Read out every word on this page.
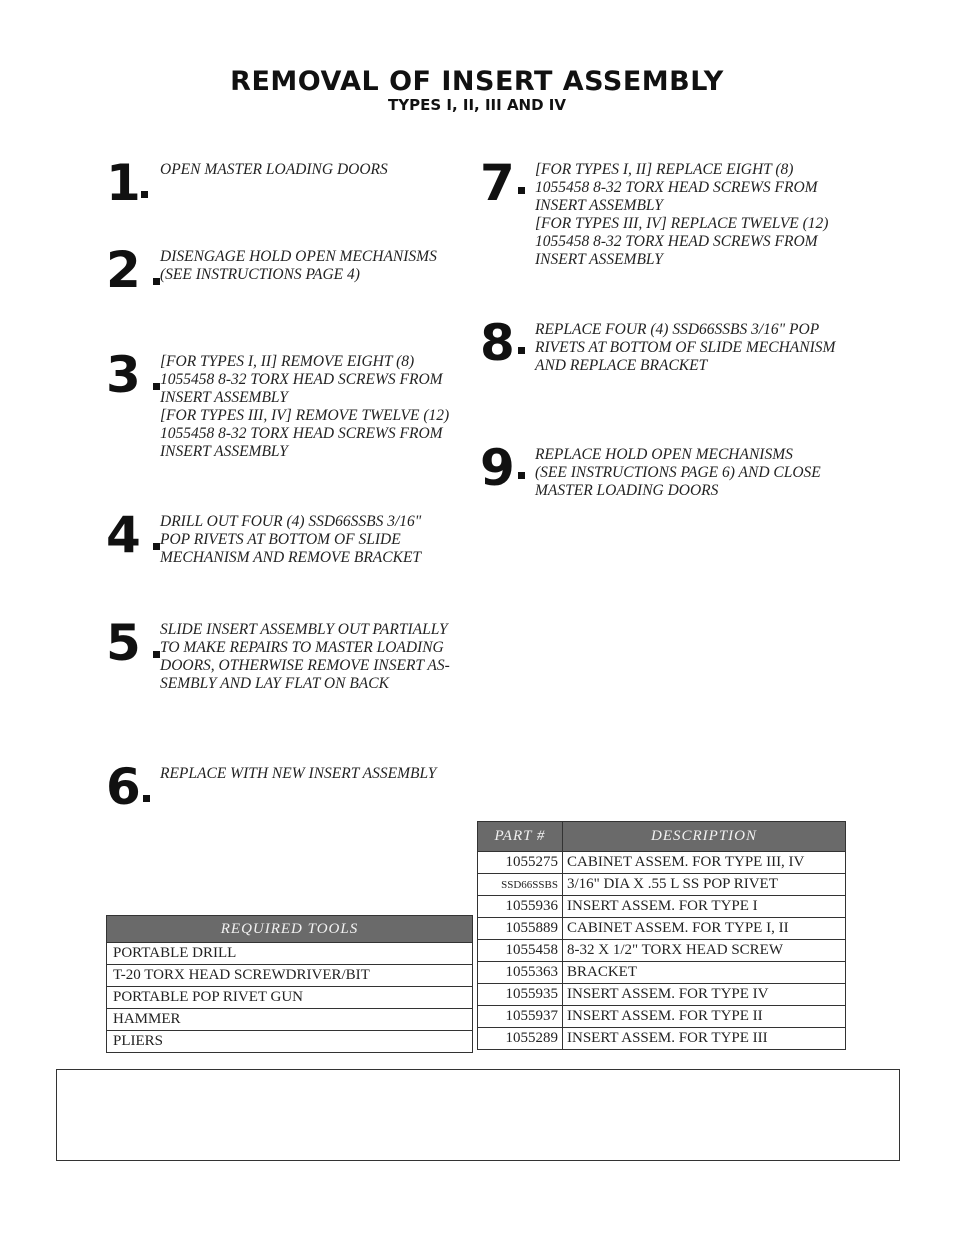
REMOVAL OF INSERT ASSEMBLY
TYPES I, II, III AND IV
1 OPEN MASTER LOADING DOORS
2 DISENGAGE HOLD OPEN MECHANISMS
(SEE INSTRUCTIONS PAGE 4)
3 [FOR TYPES I, II] REMOVE EIGHT (8)
1055458 8-32 TORX HEAD SCREWS FROM
INSERT ASSEMBLY
[FOR TYPES III, IV] REMOVE TWELVE (12)
1055458 8-32 TORX HEAD SCREWS FROM
INSERT ASSEMBLY
4 DRILL OUT FOUR (4) SSD66SSBS 3/16"
POP RIVETS AT BOTTOM OF SLIDE
MECHANISM AND REMOVE BRACKET
5 SLIDE INSERT ASSEMBLY OUT PARTIALLY
TO MAKE REPAIRS TO MASTER LOADING
DOORS, OTHERWISE REMOVE INSERT AS-
SEMBLY AND LAY FLAT ON BACK
6 REPLACE WITH NEW INSERT ASSEMBLY
7 [FOR TYPES I, II] REPLACE EIGHT (8)
1055458 8-32 TORX HEAD SCREWS FROM
INSERT ASSEMBLY
[FOR TYPES III, IV] REPLACE TWELVE (12)
1055458 8-32 TORX HEAD SCREWS FROM
INSERT ASSEMBLY
8 REPLACE FOUR (4) SSD66SSBS 3/16" POP
RIVETS AT BOTTOM OF SLIDE MECHANISM
AND REPLACE BRACKET
9 REPLACE HOLD OPEN MECHANISMS
(SEE INSTRUCTIONS PAGE 6) AND CLOSE
MASTER LOADING DOORS
PART #	DESCRIPTION
1055275	CABINET ASSEM. FOR TYPE III, IV
SSD66SSBS	3/16" DIA X .55 L SS POP RIVET
1055936	INSERT ASSEM. FOR TYPE I
1055889	CABINET ASSEM. FOR TYPE I, II
1055458	8-32 X 1/2" TORX HEAD SCREW
1055363	BRACKET
1055935	INSERT ASSEM. FOR TYPE IV
1055937	INSERT ASSEM. FOR TYPE II
1055289	INSERT ASSEM. FOR TYPE III
REQUIRED TOOLS
PORTABLE DRILL
T-20 TORX HEAD SCREWDRIVER/BIT
PORTABLE POP RIVET GUN
HAMMER
PLIERS
